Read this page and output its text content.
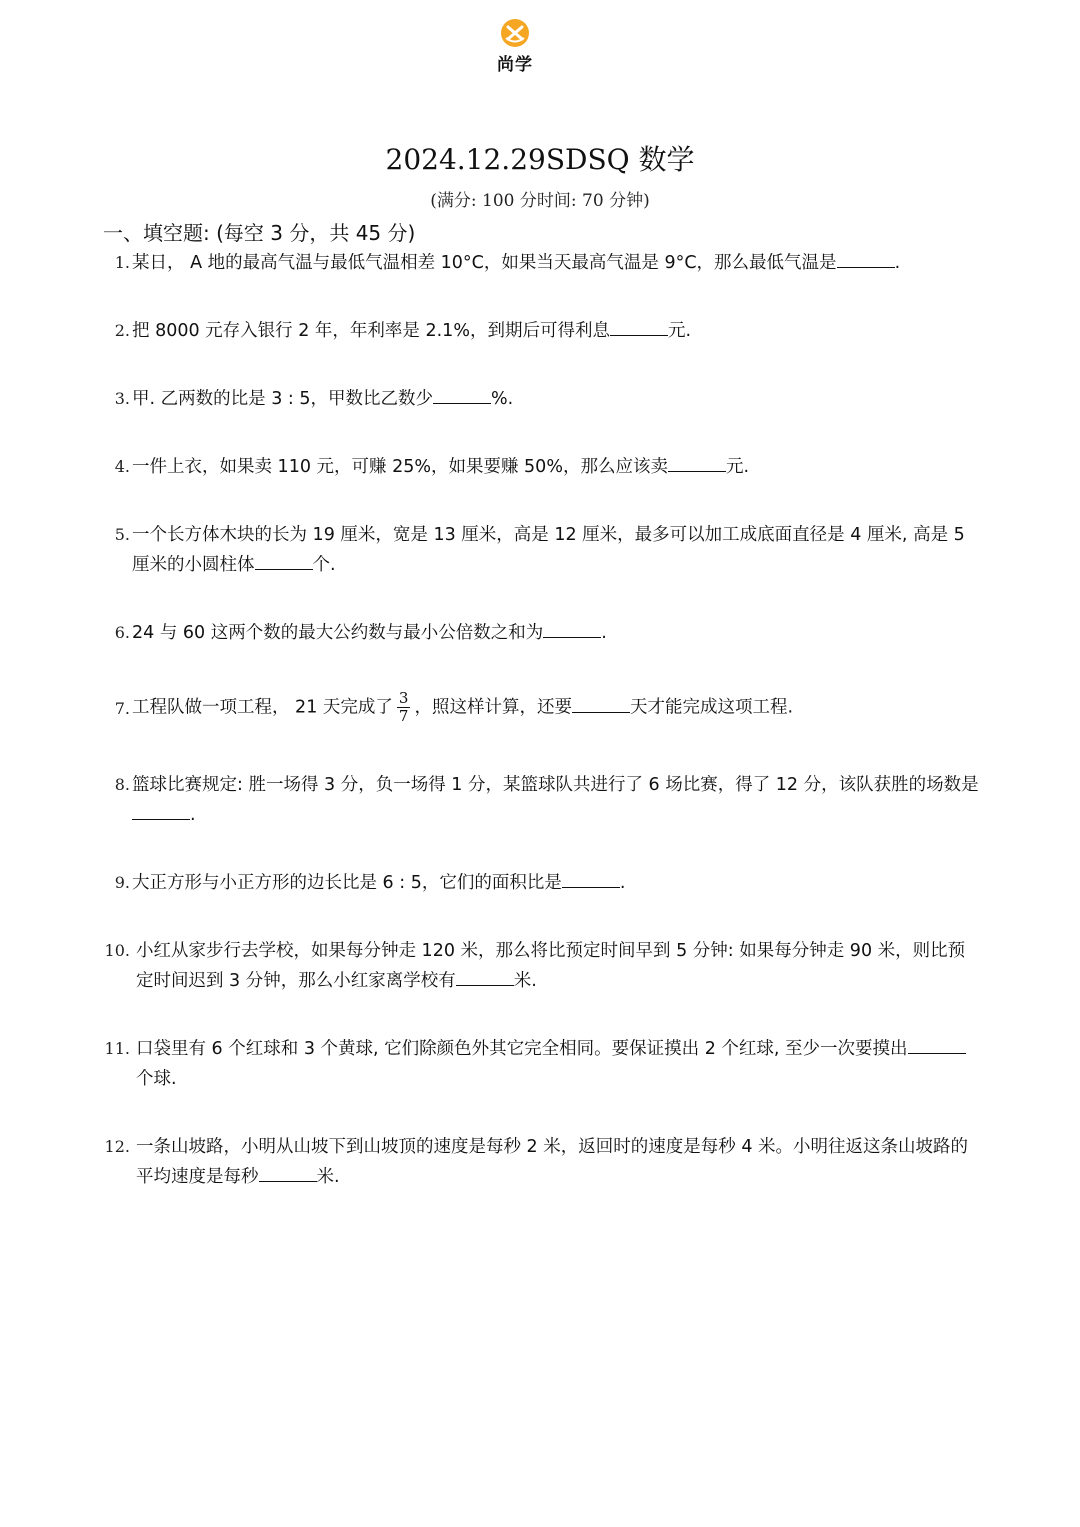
尚学
2024.12.29SDSQ 数学
(满分: 100 分时间: 70 分钟)
一、填空题: (每空 3 分，共 45 分)
1. 某日， A 地的最高气温与最低气温相差 10°C，如果当天最高气温是 9°C，那么最低气温是	.
2. 把 8000 元存入银行 2 年，年利率是 2.1%，到期后可得利息	元.
3. 甲. 乙两数的比是 3 : 5，甲数比乙数少	%.
4. 一件上衣，如果卖 110 元，可赚 25%，如果要赚 50%，那么应该卖	元.
5. 一个长方体木块的长为 19 厘米，宽是 13 厘米，高是 12 厘米，最多可以加工成底面直径是 4 厘米, 高是 5 厘米的小圆柱体	个.
6. 24 与 60 这两个数的最大公约数与最小公倍数之和为	.
7. 工程队做一项工程， 21 天完成了 $\frac{3}{7}$ ，照这样计算，还要	天才能完成这项工程.
8. 篮球比赛规定: 胜一场得 3 分，负一场得 1 分，某篮球队共进行了 6 场比赛，得了 12 分，该队获胜的场数是.
9. 大正方形与小正方形的边长比是 6 : 5，它们的面积比是	.
10. 小红从家步行去学校，如果每分钟走 120 米，那么将比预定时间早到 5 分钟: 如果每分钟走 90 米，则比预定时间迟到 3 分钟，那么小红家离学校有	米.
11. 口袋里有 6 个红球和 3 个黄球, 它们除颜色外其它完全相同。要保证摸出 2 个红球, 至少一次要摸出个球.
12. 一条山坡路，小明从山坡下到山坡顶的速度是每秒 2 米，返回时的速度是每秒 4 米。小明往返这条山坡路的平均速度是每秒	米.
